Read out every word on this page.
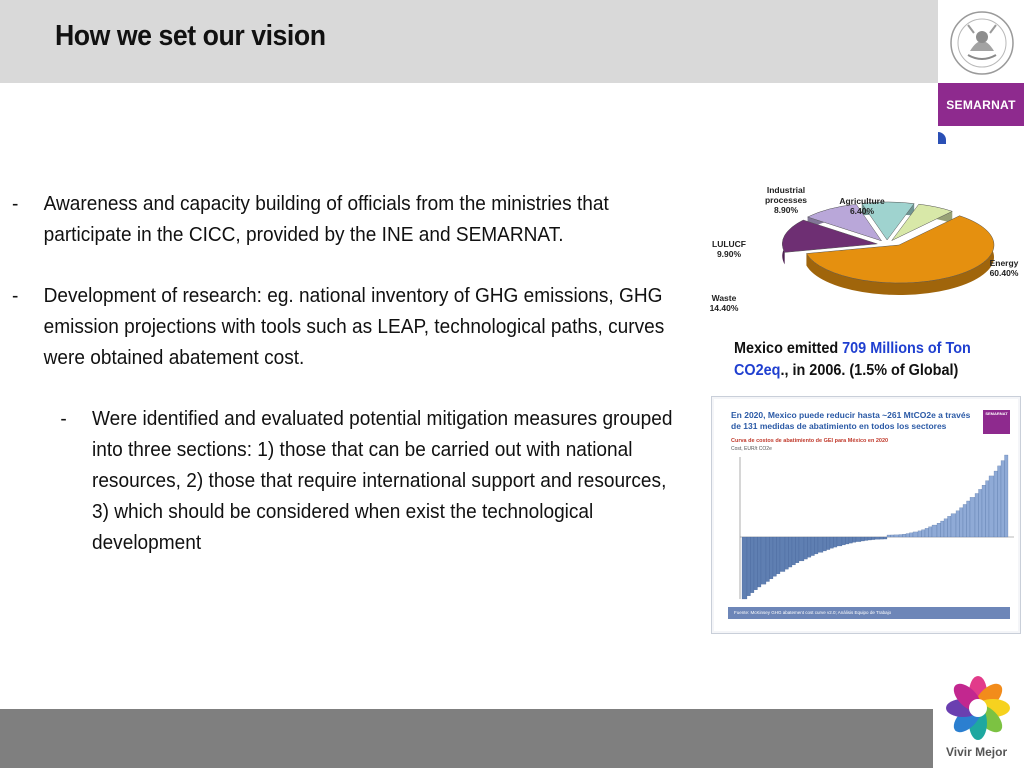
How we set our vision
SEMARNAT
- Awareness and capacity building of officials from the ministries that participate in the CICC, provided by the INE and SEMARNAT.
- Development of research: eg. national inventory of GHG emissions, GHG emission projections with tools such as LEAP, technological paths, curves were obtained abatement cost.
- Were identified and evaluated potential mitigation measures grouped into three sections: 1) those that can be carried out with national resources, 2) those that require international support and resources, 3) which should be considered when exist the technological development
Industrial processes
8.90%
Agriculture
6.40%
LULUCF
9.90%
Waste
14.40%
Energy
60.40%
Mexico emitted 709 Millions of Ton CO2eq., in 2006. (1.5% of Global)
En 2020, Mexico puede reducir hasta ~261 MtCO2e a través de 131 medidas de abatimiento en todos los sectores
SEMARNAT
Curva de costos de abatimiento de GEI para México en 2020
Cost, EUR/t CO2e
Fuente: McKinsey GHG abatement cost curve v2.0; Análisis Equipo de Trabajo
Vivir Mejor
